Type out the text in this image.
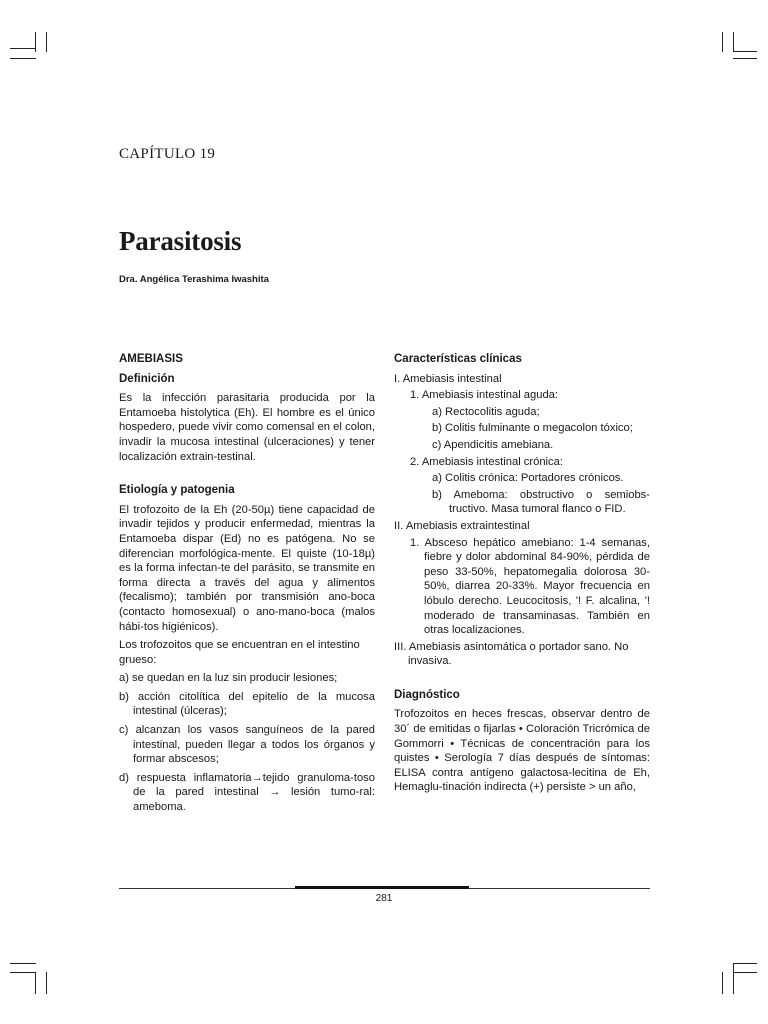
CAPÍTULO 19
Parasitosis
Dra. Angélica Terashima Iwashita
AMEBIASIS
Definición

Es la infección parasitaria producida por la Entamoeba histolytica (Eh). El hombre es el único hospedero, puede vivir como comensal en el colon, invadir la mucosa intestinal (ulceraciones) y tener localización extrain-testinal.

Etiología y patogenia

El trofozoito de la Eh (20-50µ) tiene capacidad de invadir tejidos y producir enfermedad, mientras la Entamoeba dispar (Ed) no es patógena. No se diferencian morfológica-mente. El quiste (10-18µ) es la forma infectan-te del parásito, se transmite en forma directa a través del agua y alimentos (fecalismo); también por transmisión ano-boca (contacto homosexual) o ano-mano-boca (malos hábi-tos higiénicos).

Los trofozoitos que se encuentran en el intestino grueso:

a) se quedan en la luz sin producir lesiones;
b) acción citolítica del epitelio de la mucosa intestinal (úlceras);
c) alcanzan los vasos sanguíneos de la pared intestinal, pueden llegar a todos los órganos y formar abscesos;
d) respuesta inflamatoria→tejido granuloma-toso de la pared intestinal → lesión tumo-ral: ameboma.
Características clínicas
I. Amebiasis intestinal
1. Amebiasis intestinal aguda:
a) Rectocolitis aguda;
b) Colitis fulminante o megacolon tóxico;
c) Apendicitis amebiana.
2. Amebiasis intestinal crónica:
a) Colitis crónica: Portadores crónicos.
b) Ameboma: obstructivo o semiobs-tructivo. Masa tumoral flanco o FID.
II. Amebiasis extraintestinal
1. Absceso hepático amebiano: 1-4 semanas, fiebre y dolor abdominal 84-90%, pérdida de peso 33-50%, hepatomegalia dolorosa 30-50%, diarrea 20-33%. Mayor frecuencia en lóbulo derecho. Leucocitosis, '! F. alcalina, '! moderado de transaminasas. También en otras localizaciones.
III. Amebiasis asintomática o portador sano. No invasiva.
Diagnóstico

Trofozoitos en heces frescas, observar dentro de 30´ de emitidas o fijarlas • Coloración Tricrómica de Gommorri • Técnicas de concentración para los quistes • Serología 7 días después de síntomas: ELISA contra antígeno galactosa-lecitina de Eh, Hemaglu-tinación indirecta (+) persiste > un año,

281
